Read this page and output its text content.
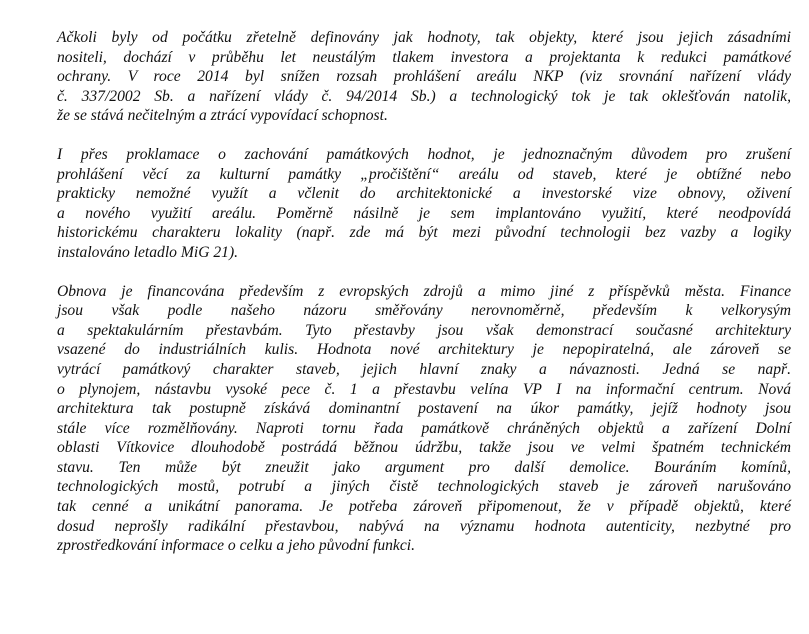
Ačkoli byly od počátku zřetelně definovány jak hodnoty, tak objekty, které jsou jejich zásadními
nositeli, dochází v průběhu let neustálým tlakem investora a projektanta k redukci památkové
ochrany. V roce 2014 byl snížen rozsah prohlášení areálu NKP (viz srovnání nařízení vlády
č. 337/2002 Sb. a nařízení vlády č. 94/2014 Sb.) a technologický tok je tak oklešťován natolik,
že se stává nečitelným a ztrácí vypovídací schopnost.

I přes proklamace o zachování památkových hodnot, je jednoznačným důvodem pro zrušení
prohlášení věcí za kulturní památky „pročištění“ areálu od staveb, které je obtížné nebo
prakticky nemožné využít a včlenit do architektonické a investorské vize obnovy, oživení
a nového využití areálu. Poměrně násilně je sem implantováno využití, které neodpovídá
historickému charakteru lokality (např. zde má být mezi původní technologii bez vazby a logiky
instalováno letadlo MiG 21).

Obnova je financována především z evropských zdrojů a mimo jiné z příspěvků města. Finance
jsou však podle našeho názoru směřovány nerovnoměrně, především k velkorysým
a spektakulárním přestavbám. Tyto přestavby jsou však demonstrací současné architektury
vsazené do industriálních kulis. Hodnota nové architektury je nepopiratelná, ale zároveň se
vytrácí památkový charakter staveb, jejich hlavní znaky a návaznosti. Jedná se např.
o plynojem, nástavbu vysoké pece č. 1 a přestavbu velína VP I na informační centrum. Nová
architektura tak postupně získává dominantní postavení na úkor památky, jejíž hodnoty jsou
stále více rozmělňovány. Naproti tornu řada památkově chráněných objektů a zařízení Dolní
oblasti Vítkovice dlouhodobě postrádá běžnou údržbu, takže jsou ve velmi špatném technickém
stavu. Ten může být zneužit jako argument pro další demolice. Bouráním komínů,
technologických mostů, potrubí a jiných čistě technologických staveb je zároveň narušováno
tak cenné a unikátní panorama. Je potřeba zároveň připomenout, že v případě objektů, které
dosud neprošly radikální přestavbou, nabývá na významu hodnota autenticity, nezbytné pro
zprostředkování informace o celku a jeho původní funkci.
